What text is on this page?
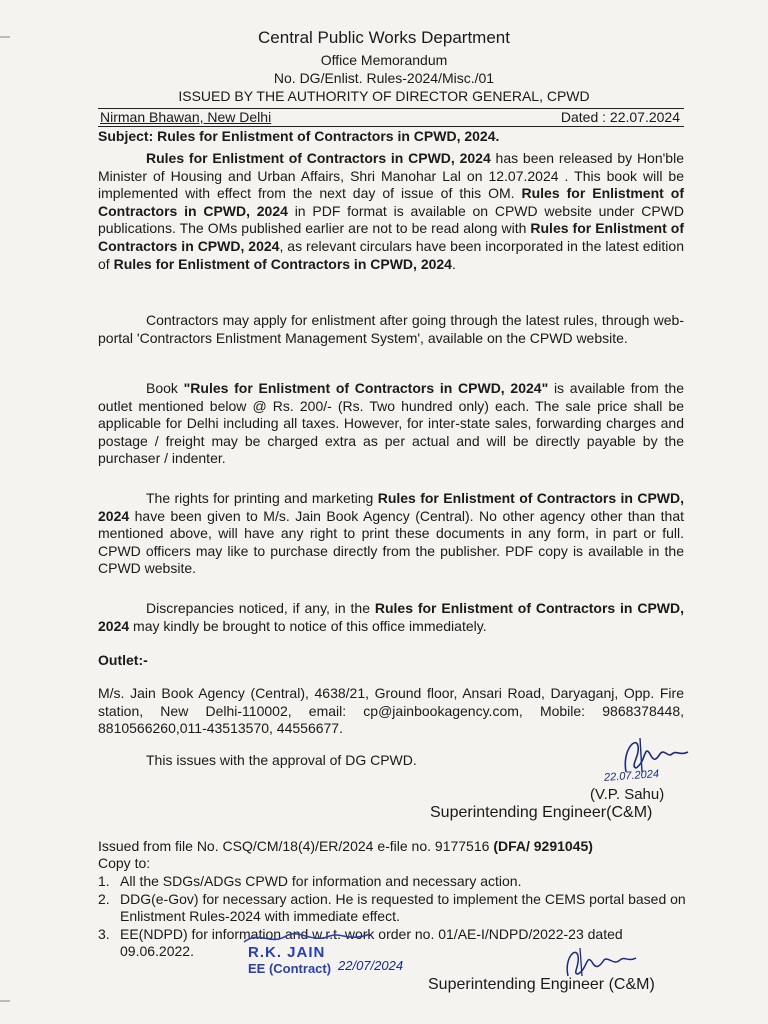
Central Public Works Department
Office Memorandum
No. DG/Enlist. Rules-2024/Misc./01
ISSUED BY THE AUTHORITY OF DIRECTOR GENERAL, CPWD
Nirman Bhawan, New Delhi	Dated : 22.07.2024
Subject: Rules for Enlistment of Contractors in CPWD, 2024.
Rules for Enlistment of Contractors in CPWD, 2024 has been released by Hon'ble Minister of Housing and Urban Affairs, Shri Manohar Lal on 12.07.2024 . This book will be implemented with effect from the next day of issue of this OM. Rules for Enlistment of Contractors in CPWD, 2024 in PDF format is available on CPWD website under CPWD publications. The OMs published earlier are not to be read along with Rules for Enlistment of Contractors in CPWD, 2024, as relevant circulars have been incorporated in the latest edition of Rules for Enlistment of Contractors in CPWD, 2024.
Contractors may apply for enlistment after going through the latest rules, through web-portal 'Contractors Enlistment Management System', available on the CPWD website.
Book "Rules for Enlistment of Contractors in CPWD, 2024" is available from the outlet mentioned below @ Rs. 200/- (Rs. Two hundred only) each. The sale price shall be applicable for Delhi including all taxes. However, for inter-state sales, forwarding charges and postage / freight may be charged extra as per actual and will be directly payable by the purchaser / indenter.
The rights for printing and marketing Rules for Enlistment of Contractors in CPWD, 2024 have been given to M/s. Jain Book Agency (Central). No other agency other than that mentioned above, will have any right to print these documents in any form, in part or full. CPWD officers may like to purchase directly from the publisher. PDF copy is available in the CPWD website.
Discrepancies noticed, if any, in the Rules for Enlistment of Contractors in CPWD, 2024 may kindly be brought to notice of this office immediately.
Outlet:-
M/s. Jain Book Agency (Central), 4638/21, Ground floor, Ansari Road, Daryaganj, Opp. Fire station, New Delhi-110002, email: cp@jainbookagency.com, Mobile: 9868378448, 8810566260,011-43513570, 44556677.
This issues with the approval of DG CPWD.
22.07.2024
(V.P. Sahu)
Superintending Engineer(C&M)
Issued from file No. CSQ/CM/18(4)/ER/2024 e-file no. 9177516 (DFA/ 9291045)
Copy to:
1. All the SDGs/ADGs CPWD for information and necessary action.
2. DDG(e-Gov) for necessary action. He is requested to implement the CEMS portal based on Enlistment Rules-2024 with immediate effect.
3. EE(NDPD) for information and w.r.t. work order no. 01/AE-I/NDPD/2022-23 dated 09.06.2022.	R.K. JAIN
EE (Contract) 22/07/2024
Superintending Engineer (C&M)
